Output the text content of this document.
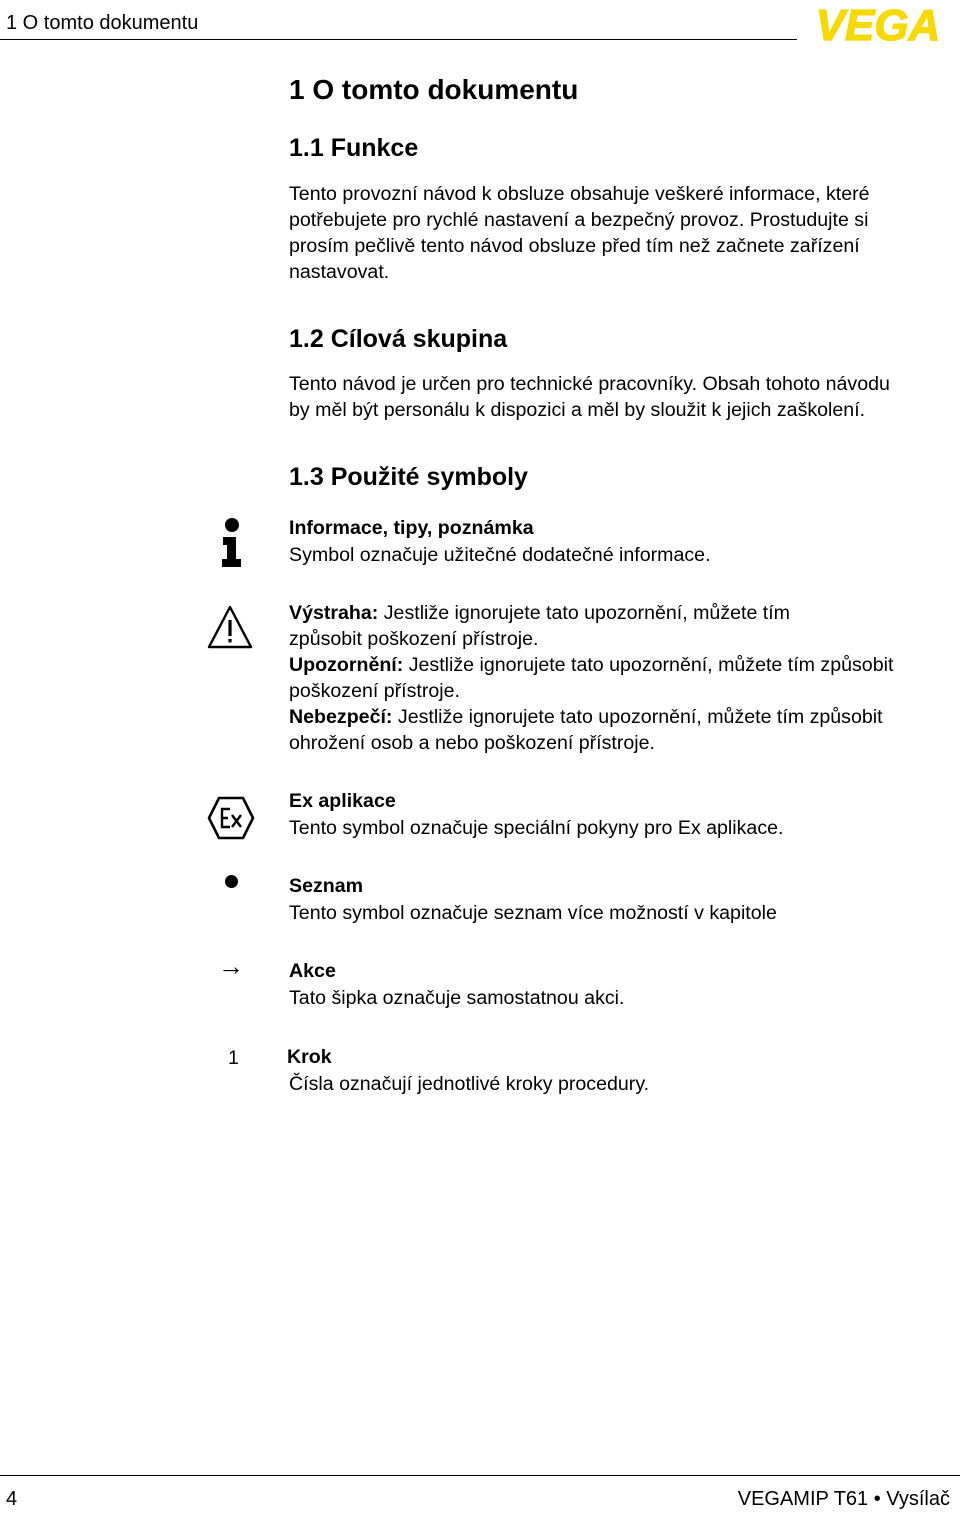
1 O tomto dokumentu	VEGA
1 O tomto dokumentu
1.1 Funkce
Tento provozní návod k obsluze obsahuje veškeré informace, které
potřebujete pro rychlé nastavení a bezpečný provoz. Prostudujte si
prosím pečlivě tento návod obsluze před tím než začnete zařízení
nastavovat.
1.2 Cílová skupina
Tento návod je určen pro technické pracovníky. Obsah tohoto návodu
by měl být personálu k dispozici a měl by sloužit k jejich zaškolení.
1.3 Použité symboly
Informace, tipy, poznámka
Symbol označuje užitečné dodatečné informace.
Výstraha: Jestliže ignorujete tato upozornění, můžete tím
způsobit poškození přístroje.
Upozornění: Jestliže ignorujete tato upozornění, můžete tím způsobit
poškození přístroje.
Nebezpečí: Jestliže ignorujete tato upozornění, můžete tím způsobit
ohrožení osob a nebo poškození přístroje.
Ex aplikace
Tento symbol označuje speciální pokyny pro Ex aplikace.
Seznam
Tento symbol označuje seznam více možností v kapitole
→ Akce
Tato šipka označuje samostatnou akci.
1 Krok
Čísla označují jednotlivé kroky procedury.
4	VEGAMIP T61 • Vysílač
